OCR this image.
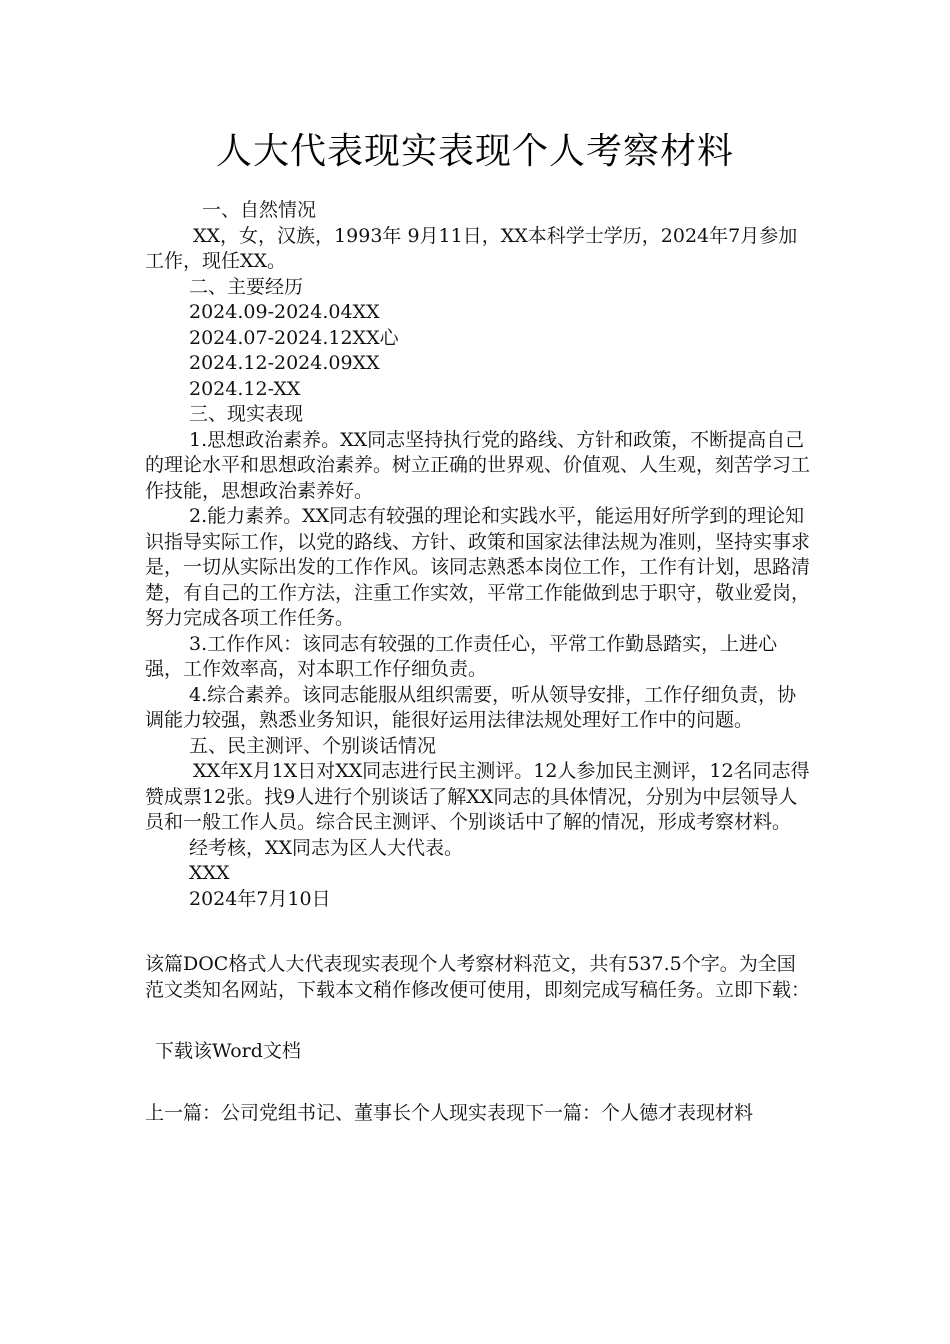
人大代表现实表现个人考察材料

一、自然情况

XX，女，汉族，1993年 9月11日，XX本科学士学历，2024年7月参加工作，现任XX。

二、主要经历

2024.09-2024.04XX

2024.07-2024.12XX心

2024.12-2024.09XX

2024.12-XX

三、现实表现

1.思想政治素养。XX同志坚持执行党的路线、方针和政策，不断提高自己的理论水平和思想政治素养。树立正确的世界观、价值观、人生观，刻苦学习工作技能，思想政治素养好。

2.能力素养。XX同志有较强的理论和实践水平，能运用好所学到的理论知识指导实际工作，以党的路线、方针、政策和国家法律法规为准则，坚持实事求是，一切从实际出发的工作作风。该同志熟悉本岗位工作，工作有计划，思路清楚，有自己的工作方法，注重工作实效，平常工作能做到忠于职守，敬业爱岗，努力完成各项工作任务。

3.工作作风：该同志有较强的工作责任心，平常工作勤恳踏实，上进心强，工作效率高，对本职工作仔细负责。

4.综合素养。该同志能服从组织需要，听从领导安排，工作仔细负责，协调能力较强，熟悉业务知识，能很好运用法律法规处理好工作中的问题。

五、民主测评、个别谈话情况

XX年X月1X日对XX同志进行民主测评。12人参加民主测评，12名同志得赞成票12张。找9人进行个别谈话了解XX同志的具体情况，分别为中层领导人员和一般工作人员。综合民主测评、个别谈话中了解的情况，形成考察材料。

经考核，XX同志为区人大代表。

XXX

2024年7月10日

该篇DOC格式人大代表现实表现个人考察材料范文，共有537.5个字。为全国范文类知名网站，下载本文稍作修改便可使用，即刻完成写稿任务。立即下载：

下载该Word文档

上一篇：公司党组书记、董事长个人现实表现下一篇：个人德才表现材料
